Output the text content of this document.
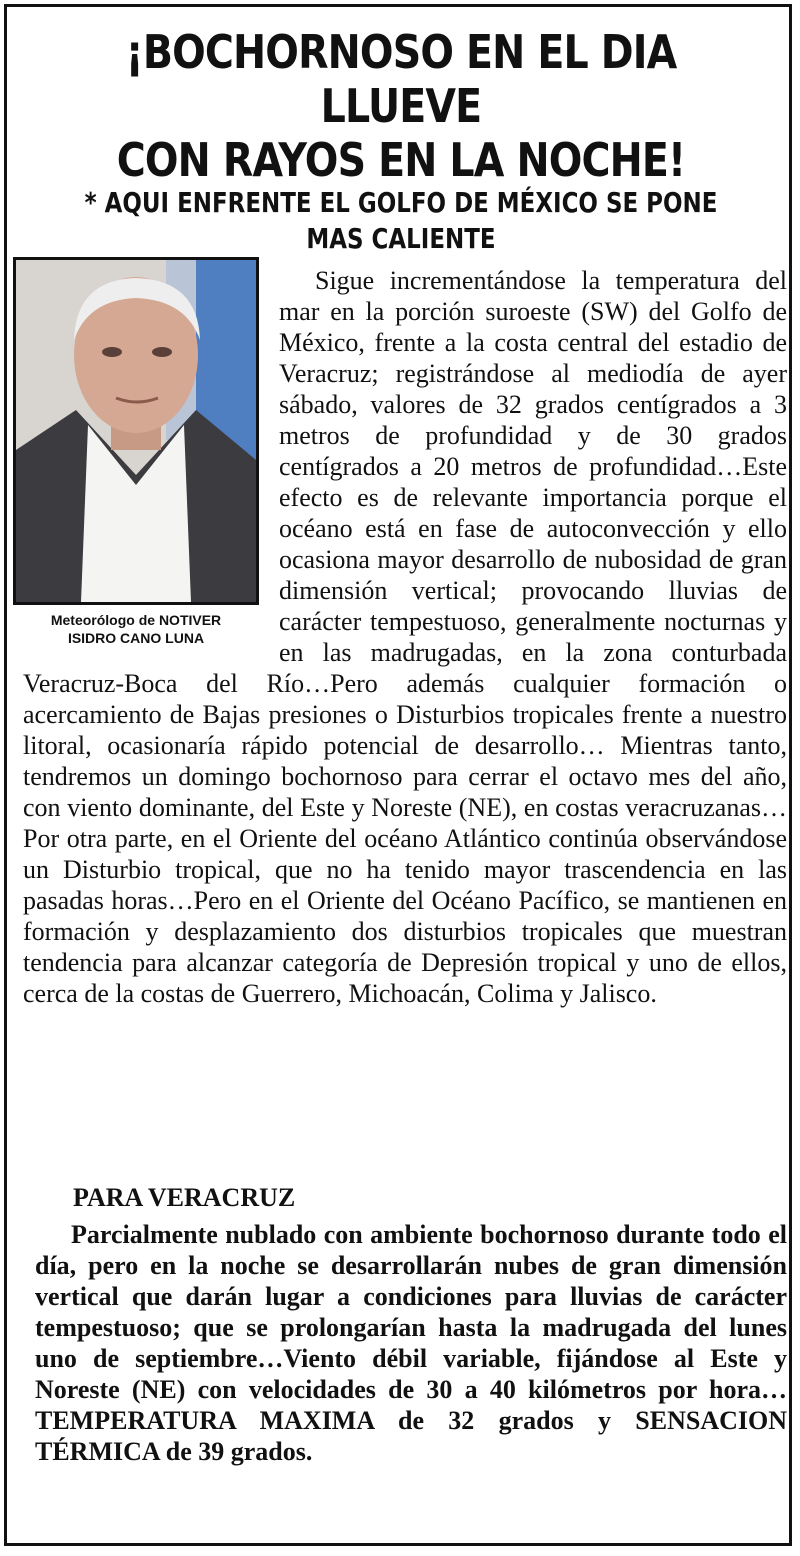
¡BOCHORNOSO EN EL DIA LLUEVE
CON RAYOS EN LA NOCHE!
* AQUI ENFRENTE EL GOLFO DE MÉXICO SE PONE MAS CALIENTE
Meteorólogo de NOTIVER
ISIDRO CANO LUNA
Sigue incrementándose la temperatura del mar en la porción suroeste (SW) del Golfo de México, frente a la costa central del estadio de Veracruz; registrándose al mediodía de ayer sábado, valores de 32 grados centígrados a 3 metros de profundidad y de 30 grados centígrados a 20 metros de profundidad…Este efecto es de relevante importancia porque el océano está en fase de autoconvección y ello ocasiona mayor desarrollo de nubosidad de gran dimensión vertical; provocando lluvias de carácter tempestuoso, generalmente nocturnas y en las madrugadas, en la zona conturbada Veracruz-Boca del Río…Pero además cualquier formación o acercamiento de Bajas presiones o Disturbios tropicales frente a nuestro litoral, ocasionaría rápido potencial de desarrollo… Mientras tanto, tendremos un domingo bochornoso para cerrar el octavo mes del año, con viento dominante, del Este y Noreste (NE), en costas veracruzanas…Por otra parte, en el Oriente del océano Atlántico continúa observándose un Disturbio tropical, que no ha tenido mayor trascendencia en las pasadas horas…Pero en el Oriente del Océano Pacífico, se mantienen en formación y desplazamiento dos disturbios tropicales que muestran tendencia para alcanzar categoría de Depresión tropical y uno de ellos, cerca de la costas de Guerrero, Michoacán, Colima y Jalisco.
PARA VERACRUZ

Parcialmente nublado con ambiente bochornoso durante todo el día, pero en la noche se desarrollarán nubes de gran dimensión vertical que darán lugar a condiciones para lluvias de carácter tempestuoso; que se prolongarían hasta la madrugada del lunes uno de septiembre…Viento débil variable, fijándose al Este y Noreste (NE) con velocidades de 30 a 40 kilómetros por hora…TEMPERATURA MAXIMA de 32 grados y SENSACION TÉRMICA de 39 grados.
